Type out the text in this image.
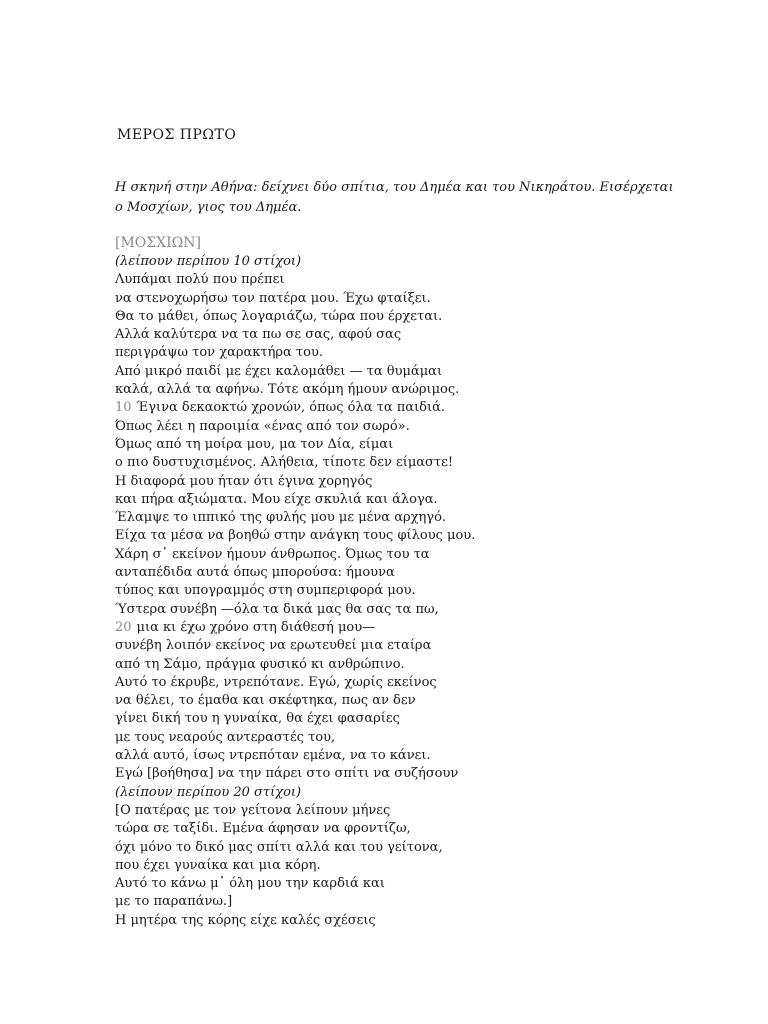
ΜΕΡΟΣ ΠΡΩΤΟ
Η σκηνή στην Αθήνα: δείχνει δύο σπίτια, του Δημέα και του Νικηράτου. Εισέρχεται
ο Μοσχίων, γιος του Δημέα.
[ΜΟΣΧΙΩΝ]
(λείπουν περίπου 10 στίχοι)
Λυπάμαι πολύ που πρέπει
να στενοχωρήσω τον πατέρα μου. Έχω φταίξει.
Θα το μάθει, όπως λογαριάζω, τώρα που έρχεται.
Αλλά καλύτερα να τα πω σε σας, αφού σας
περιγράψω τον χαρακτήρα του.
Από μικρό παιδί με έχει καλομάθει — τα θυμάμαι
καλά, αλλά τα αφήνω. Τότε ακόμη ήμουν ανώριμος.
10 Έγινα δεκαοκτώ χρονών, όπως όλα τα παιδιά.
Όπως λέει η παροιμία «ένας από τον σωρό».
Όμως από τη μοίρα μου, μα τον Δία, είμαι
ο πιο δυστυχισμένος. Αλήθεια, τίποτε δεν είμαστε!
Η διαφορά μου ήταν ότι έγινα χορηγός
και πήρα αξιώματα. Μου είχε σκυλιά και άλογα.
Έλαμψε το ιππικό της φυλής μου με μένα αρχηγό.
Είχα τα μέσα να βοηθώ στην ανάγκη τους φίλους μου.
Χάρη σ᾽ εκείνον ήμουν άνθρωπος. Όμως του τα
ανταπέδιδα αυτά όπως μπορούσα: ήμουνα
τύπος και υπογραμμός στη συμπεριφορά μου.
Ύστερα συνέβη —όλα τα δικά μας θα σας τα πω,
20 μια κι έχω χρόνο στη διάθεσή μου—
συνέβη λοιπόν εκείνος να ερωτευθεί μια εταίρα
από τη Σάμο, πράγμα φυσικό κι ανθρώπινο.
Αυτό το έκρυβε, ντρεπότανε. Εγώ, χωρίς εκείνος
να θέλει, το έμαθα και σκέφτηκα, πως αν δεν
γίνει δική του η γυναίκα, θα έχει φασαρίες
με τους νεαρούς αντεραστές του,
αλλά αυτό, ίσως ντρεπόταν εμένα, να το κάνει.
Εγώ [βοήθησα] να την πάρει στο σπίτι να συζήσουν
(λείπουν περίπου 20 στίχοι)
[Ο πατέρας με τον γείτονα λείπουν μήνες
τώρα σε ταξίδι. Εμένα άφησαν να φροντίζω,
όχι μόνο το δικό μας σπίτι αλλά και του γείτονα,
που έχει γυναίκα και μια κόρη.
Αυτό το κάνω μ᾽ όλη μου την καρδιά και
με το παραπάνω.]
Η μητέρα της κόρης είχε καλές σχέσεις
